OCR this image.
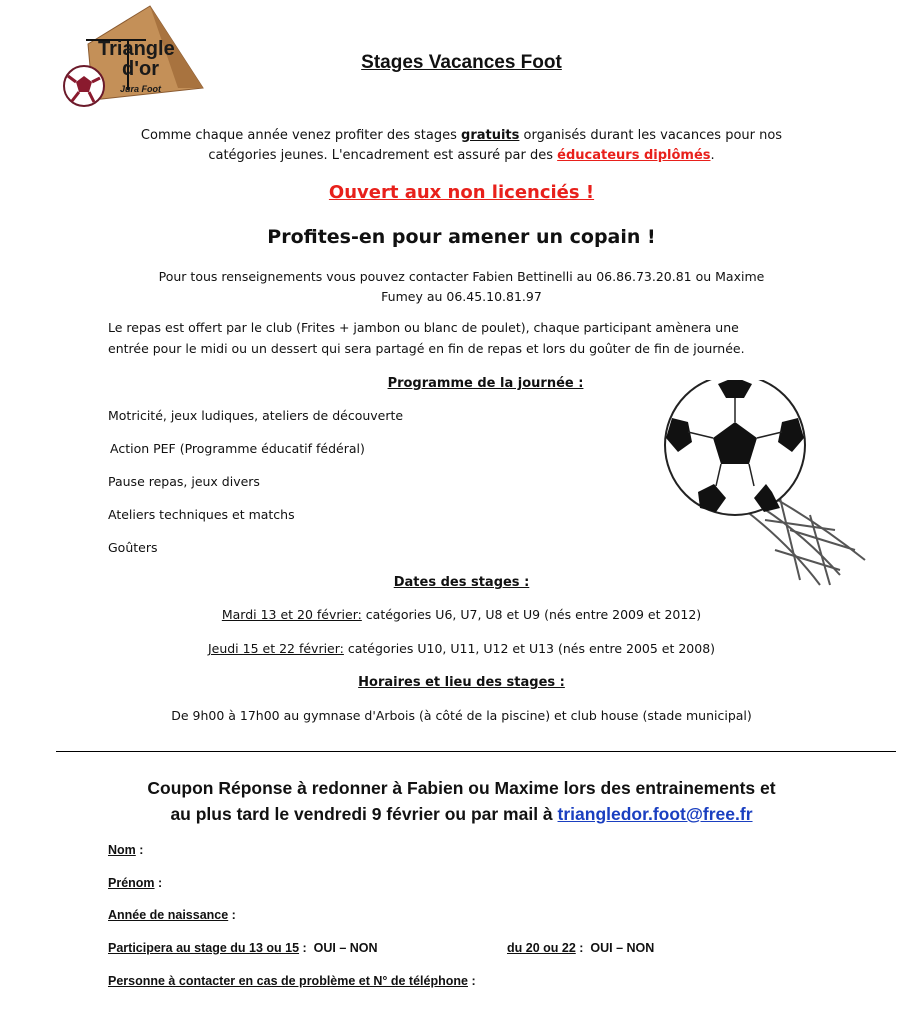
Triangle
d'or
Jura Foot
Stages Vacances Foot
Comme chaque année venez profiter des stages gratuits organisés durant les vacances pour nos
catégories jeunes. L'encadrement est assuré par des éducateurs diplômés.
Ouvert aux non licenciés !
Profites-en pour amener un copain !
Pour tous renseignements vous pouvez contacter Fabien Bettinelli au 06.86.73.20.81 ou Maxime
Fumey au 06.45.10.81.97
Le repas est offert par le club (Frites + jambon ou blanc de poulet), chaque participant amènera une
entrée pour le midi ou un dessert qui sera partagé en fin de repas et lors du goûter de fin de journée.
Programme de la journée :
Motricité, jeux ludiques, ateliers de découverte
Action PEF (Programme éducatif fédéral)
Pause repas, jeux divers
Ateliers techniques et matchs
Goûters
Dates des stages :
Mardi 13 et 20 février: catégories U6, U7, U8 et U9 (nés entre 2009 et 2012)
Jeudi 15 et 22 février: catégories U10, U11, U12 et U13 (nés entre 2005 et 2008)
Horaires et lieu des stages :
De 9h00 à 17h00 au gymnase d'Arbois (à côté de la piscine) et club house (stade municipal)
Coupon Réponse à redonner à Fabien ou Maxime lors des entrainements et
au plus tard le vendredi 9 février ou par mail à triangledor.foot@free.fr
Nom :
Prénom :
Année de naissance :
Participera au stage du 13 ou 15 : OUI – NON	du 20 ou 22 : OUI – NON
Personne à contacter en cas de problème et N° de téléphone :
